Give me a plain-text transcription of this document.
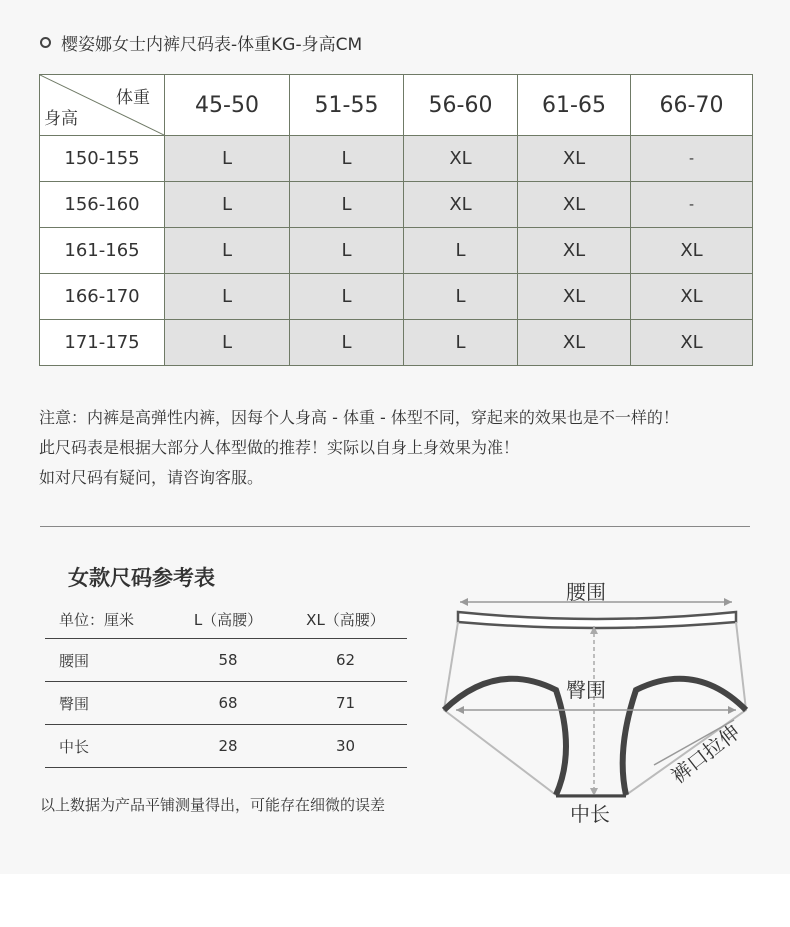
樱姿娜女士内裤尺码表-体重KG-身高CM
体重
身高	45-50	51-55	56-60	61-65	66-70
150-155	L	L	XL	XL	-
156-160	L	L	XL	XL	-
161-165	L	L	L	XL	XL
166-170	L	L	L	XL	XL
171-175	L	L	L	XL	XL
注意：内裤是高弹性内裤，因每个人身高 - 体重 - 体型不同，穿起来的效果也是不一样的！
此尺码表是根据大部分人体型做的推荐！实际以自身上身效果为准！
如对尺码有疑问，请咨询客服。
女款尺码参考表
单位：厘米	L（高腰）	XL（高腰）
腰围	58	62
臀围	68	71
中长	28	30
以上数据为产品平铺测量得出，可能存在细微的误差
腰围
臀围
中长
裤口拉伸
